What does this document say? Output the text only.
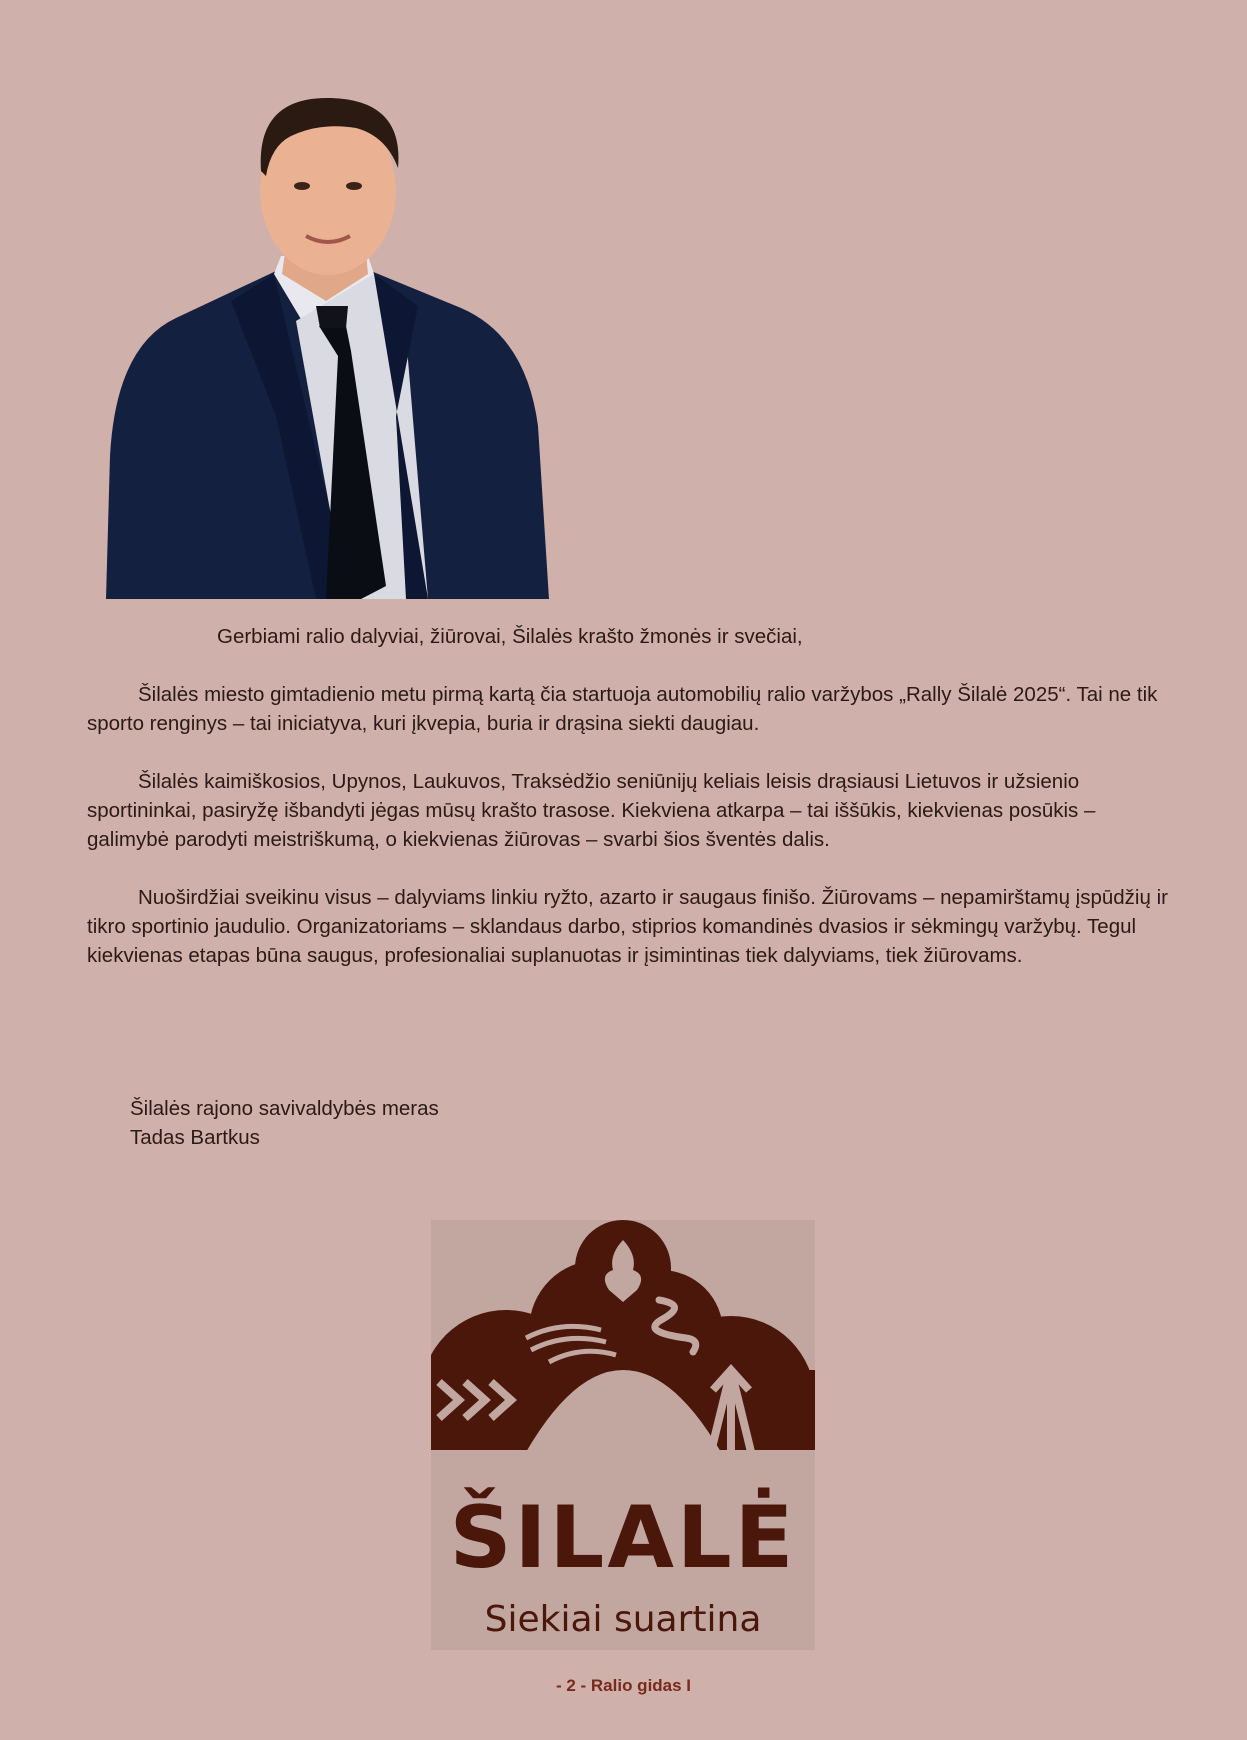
Gerbiami ralio dalyviai, žiūrovai, Šilalės krašto žmonės ir svečiai,

Šilalės miesto gimtadienio metu pirmą kartą čia startuoja automobilių ralio varžybos „Rally Šilalė 2025“. Tai ne tik sporto renginys – tai iniciatyva, kuri įkvepia, buria ir drąsina siekti daugiau.

Šilalės kaimiškosios, Upynos, Laukuvos, Traksėdžio seniūnijų keliais leisis drąsiausi Lietuvos ir užsienio sportininkai, pasiryžę išbandyti jėgas mūsų krašto trasose. Kiekviena atkarpa – tai iššūkis, kiekvienas posūkis – galimybė parodyti meistriškumą, o kiekvienas žiūrovas – svarbi šios šventės dalis.

Nuoširdžiai sveikinu visus – dalyviams linkiu ryžto, azarto ir saugaus finišo. Žiūrovams – nepamirštamų įspūdžių ir tikro sportinio jaudulio. Organizatoriams – sklandaus darbo, stiprios komandinės dvasios ir sėkmingų varžybų. Tegul kiekvienas etapas būna saugus, profesionaliai suplanuotas ir įsimintinas tiek dalyviams, tiek žiūrovams.

Šilalės rajono savivaldybės meras
Tadas Bartkus
ŠILALĖ
Siekiai suartina
- 2 - Ralio gidas I
